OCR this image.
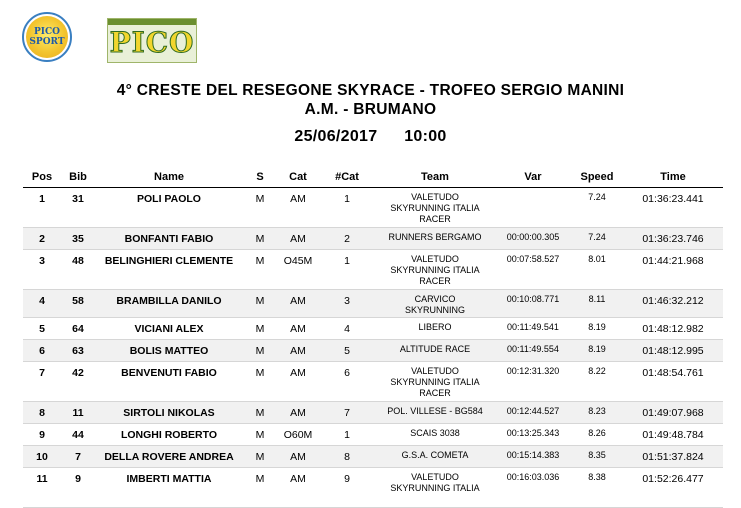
PICO
SPORT PICO
4° CRESTE DEL RESEGONE SKYRACE - TROFEO SERGIO MANINI
A.M. - BRUMANO
25/06/2017 10:00
Pos	Bib	Name	S	Cat	#Cat	Team	Var	Speed	Time
1	31	POLI PAOLO	M	AM	1	VALETUDO
SKYRUNNING ITALIA
RACER		7.24	01:36:23.441
2	35	BONFANTI FABIO	M	AM	2	RUNNERS BERGAMO	00:00:00.305	7.24	01:36:23.746
3	48	BELINGHIERI CLEMENTE	M	O45M	1	VALETUDO
SKYRUNNING ITALIA
RACER	00:07:58.527	8.01	01:44:21.968
4	58	BRAMBILLA DANILO	M	AM	3	CARVICO
SKYRUNNING	00:10:08.771	8.11	01:46:32.212
5	64	VICIANI ALEX	M	AM	4	LIBERO	00:11:49.541	8.19	01:48:12.982
6	63	BOLIS MATTEO	M	AM	5	ALTITUDE RACE	00:11:49.554	8.19	01:48:12.995
7	42	BENVENUTI FABIO	M	AM	6	VALETUDO
SKYRUNNING ITALIA
RACER	00:12:31.320	8.22	01:48:54.761
8	11	SIRTOLI NIKOLAS	M	AM	7	POL. VILLESE - BG584	00:12:44.527	8.23	01:49:07.968
9	44	LONGHI ROBERTO	M	O60M	1	SCAIS 3038	00:13:25.343	8.26	01:49:48.784
10	7	DELLA ROVERE ANDREA	M	AM	8	G.S.A. COMETA	00:15:14.383	8.35	01:51:37.824
11	9	IMBERTI MATTIA	M	AM	9	VALETUDO
SKYRUNNING ITALIA	00:16:03.036	8.38	01:52:26.477
